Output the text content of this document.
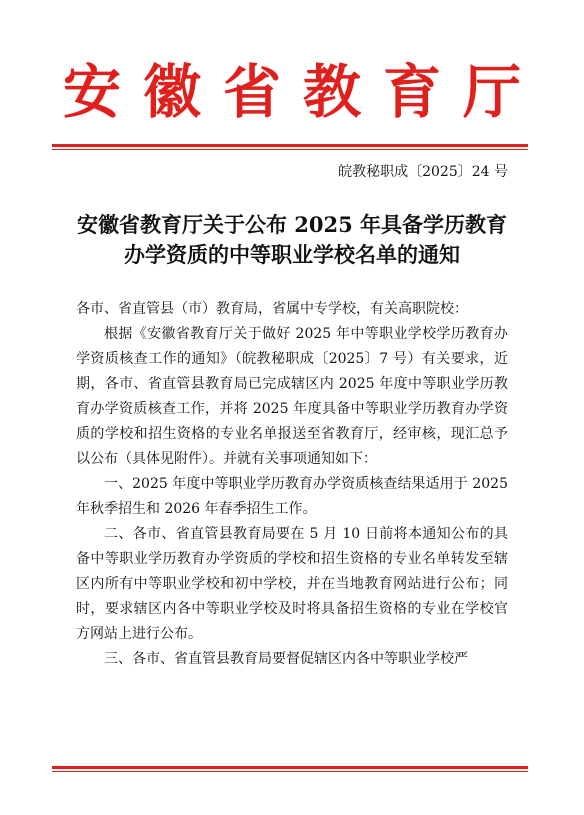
安徽省教育厅
皖教秘职成〔2025〕24 号
安徽省教育厅关于公布 2025 年具备学历教育
办学资质的中等职业学校名单的通知

各市、省直管县（市）教育局，省属中专学校，有关高职院校：

根据《安徽省教育厅关于做好 2025 年中等职业学校学历教育办学资质核查工作的通知》（皖教秘职成〔2025〕7 号）有关要求，近期，各市、省直管县教育局已完成辖区内 2025 年度中等职业学历教育办学资质核查工作，并将 2025 年度具备中等职业学历教育办学资质的学校和招生资格的专业名单报送至省教育厅，经审核，现汇总予以公布（具体见附件）。并就有关事项通知如下：

一、2025 年度中等职业学历教育办学资质核查结果适用于 2025 年秋季招生和 2026 年春季招生工作。

二、各市、省直管县教育局要在 5 月 10 日前将本通知公布的具备中等职业学历教育办学资质的学校和招生资格的专业名单转发至辖区内所有中等职业学校和初中学校，并在当地教育网站进行公布；同时，要求辖区内各中等职业学校及时将具备招生资格的专业在学校官方网站上进行公布。

三、各市、省直管县教育局要督促辖区内各中等职业学校严
